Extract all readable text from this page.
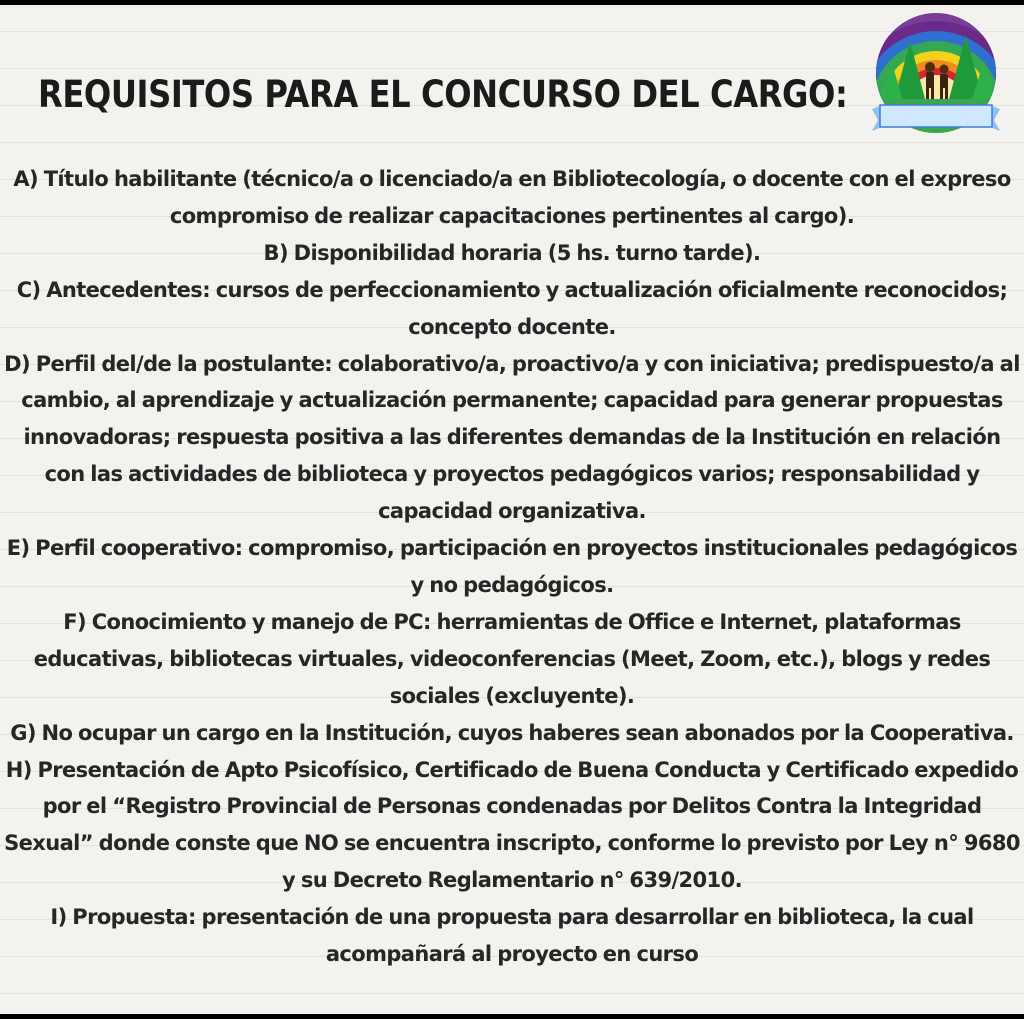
REQUISITOS PARA EL CONCURSO DEL CARGO:

A) Título habilitante (técnico/a o licenciado/a en Bibliotecología, o docente con el expreso compromiso de realizar capacitaciones pertinentes al cargo).

B) Disponibilidad horaria (5 hs. turno tarde).

C) Antecedentes: cursos de perfeccionamiento y actualización oficialmente reconocidos; concepto docente.

D) Perfil del/de la postulante: colaborativo/a, proactivo/a y con iniciativa; predispuesto/a al cambio, al aprendizaje y actualización permanente; capacidad para generar propuestas innovadoras; respuesta positiva a las diferentes demandas de la Institución en relación con las actividades de biblioteca y proyectos pedagógicos varios; responsabilidad y capacidad organizativa.

E) Perfil cooperativo: compromiso, participación en proyectos institucionales pedagógicos y no pedagógicos.

F) Conocimiento y manejo de PC: herramientas de Office e Internet, plataformas educativas, bibliotecas virtuales, videoconferencias (Meet, Zoom, etc.), blogs y redes sociales (excluyente).

G) No ocupar un cargo en la Institución, cuyos haberes sean abonados por la Cooperativa.

H) Presentación de Apto Psicofísico, Certificado de Buena Conducta y Certificado expedido por el “Registro Provincial de Personas condenadas por Delitos Contra la Integridad Sexual” donde conste que NO se encuentra inscripto, conforme lo previsto por Ley n° 9680 y su Decreto Reglamentario n° 639/2010.

I) Propuesta: presentación de una propuesta para desarrollar en biblioteca, la cual acompañará al proyecto en curso
